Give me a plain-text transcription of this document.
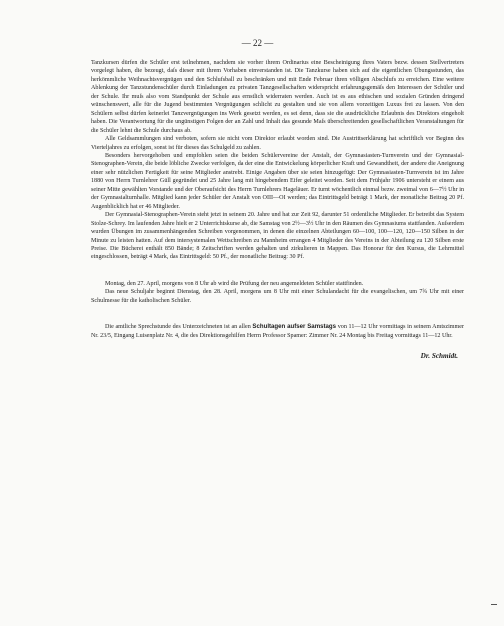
— 22 —

Tanzkursen dürfen die Schüler erst teilnehmen, nachdem sie vorher ihrem Ordinarius eine Bescheinigung ihres Vaters bezw. dessen Stellvertreters vorgelegt haben, die bezeugt, daſs dieser mit ihrem Vorhaben einverstanden ist. Die Tanzkurse haben sich auf die eigentlichen Übungsstunden, das herkömmliche Weihnachtsvergnügen und den Schlufsball zu beschränken und mit Ende Februar ihren völligen Abschlufs zu erreichen. Eine weitere Ablenkung der Tanzstundenschüler durch Einladungen zu privaten Tanzgesellschaften widerspricht erfahrungsgemäſs den Interessen der Schüler und der Schule. Ihr muſs also vom Standpunkt der Schule aus ernstlich widerraten werden. Auch ist es aus ethischen und sozialen Gründen dringend wünschenswert, alle für die Jugend bestimmten Vergnügungen schlicht zu gestalten und sie von allem vorzeitigen Luxus frei zu lassen. Von den Schülern selbst dürfen keinerlei Tanzvergnügungen ins Werk gesetzt werden, es sei denn, dass sie die ausdrückliche Erlaubnis des Direktors eingeholt haben. Die Verantwortung für die ungünstigen Folgen der an Zahl und Inhalt das gesunde Maſs überschreitenden gesellschaftlichen Veranstaltungen für die Schüler lehnt die Schule durchaus ab.

Alle Geldsammlungen sind verboten, sofern sie nicht vom Direktor erlaubt worden sind. Die Austrittserklärung hat schriftlich vor Beginn des Vierteljahres zu erfolgen, sonst ist für dieses das Schulgeld zu zahlen.

Besonders hervorgehoben und empfohlen seien die beiden Schülervereine der Anstalt, der Gymnasiasten-Turnverein und der Gymnasial-Stenographen-Verein, die beide löbliche Zwecke verfolgen, da der eine die Entwickelung körperlicher Kraft und Gewandtheit, der andere die Aneignung einer sehr nützlichen Fertigkeit für seine Mitglieder anstrebt. Einige Angaben über sie seien hinzugefügt: Der Gymnasiasten-Turnverein ist im Jahre 1880 von Herrn Turnlehrer Güll gegründet und 25 Jahre lang mit hingebendem Eifer geleitet worden. Seit dem Frühjahr 1906 untersteht er einem aus seiner Mitte gewählten Vorstande und der Oberaufsicht des Herrn Turnlehrers Hageläuer. Er turnt wöchentlich einmal bezw. zweimal von 6—7½ Uhr in der Gymnasialturnhalle. Mitglied kann jeder Schüler der Anstalt von OIII—OI werden; das Eintrittsgeld beträgt 1 Mark, der monatliche Beitrag 20 Pf. Augenblicklich hat er 46 Mitglieder.

Der Gymnasial-Stenographen-Verein steht jetzt in seinem 20. Jahre und hat zur Zeit 92, darunter 51 ordentliche Mitglieder. Er betreibt das System Stolze-Schrey. Im laufenden Jahre hielt er 2 Unterrichtskurse ab, die Samstag von 2½—3½ Uhr in den Räumen des Gymnasiums stattfanden. Auſserdem wurden Übungen im zusammenhängenden Schreiben vorgenommen, in denen die einzelnen Abteilungen 60—100, 100—120, 120—150 Silben in der Minute zu leisten hatten. Auf dem intersystemalen Wettschreiben zu Mannheim errangen 4 Mitglieder des Vereins in der Abteilung zu 120 Silben erste Preise. Die Bücherei enthält 850 Bände; 8 Zeitschriften werden gehalten und zirkulieren in Mappen. Das Honorar für den Kursus, die Lehrmittel eingeschlossen, beträgt 4 Mark, das Eintrittsgeld: 50 Pf., der monatliche Beitrag: 30 Pf.

Montag, den 27. April, morgens von 8 Uhr ab wird die Prüfung der neu angemeldeten Schüler stattfinden.

Das neue Schuljahr beginnt Dienstag, den 28. April, morgens um 8 Uhr mit einer Schulandacht für die evangelischen, um 7¾ Uhr mit einer Schulmesse für die katholischen Schüler.

Die amtliche Sprechstunde des Unterzeichneten ist an allen Schultagen aufser Samstags von 11—12 Uhr vormittags in seinem Amtszimmer Nr. 23/5, Eingang Luisenplatz Nr. 4, die des Direktionsgehilfen Herrn Professor Spamer: Zimmer Nr. 24 Montag bis Freitag vormittags 11—12 Uhr.

Dr. Schmidt.
